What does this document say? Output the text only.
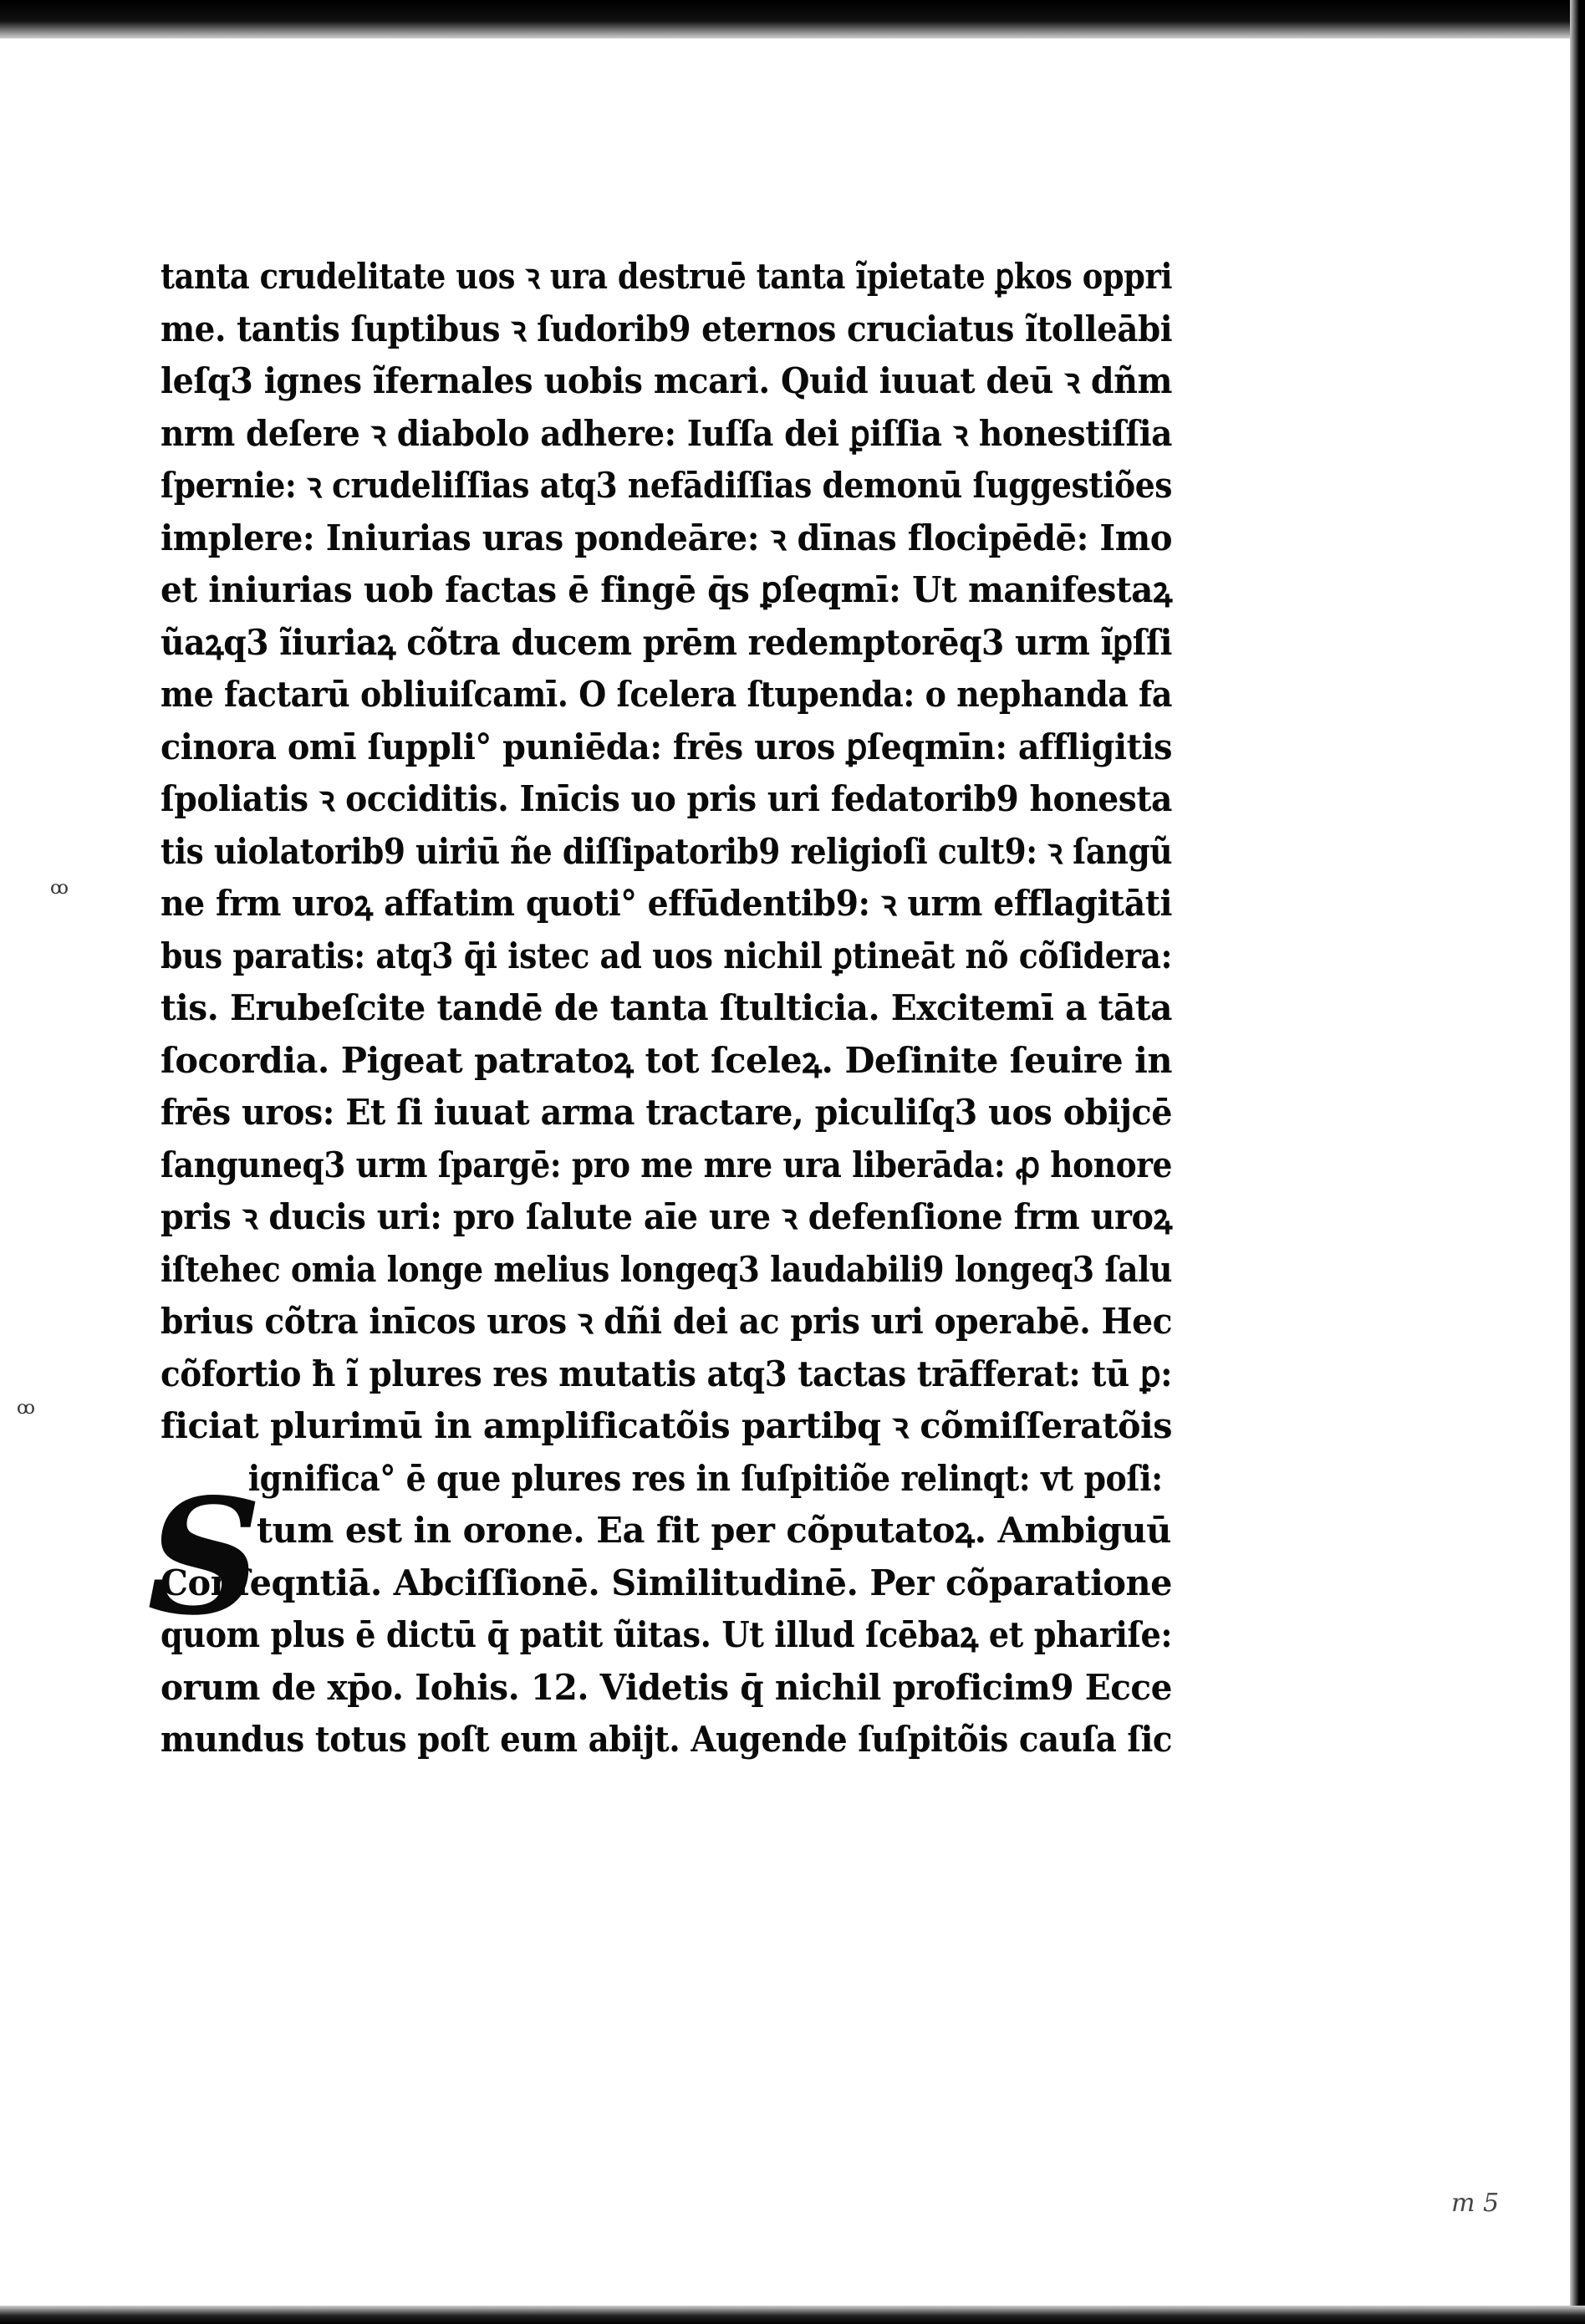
S
tanta crudelitate uos ꝛ ura destruē tanta ĩpietate ꝑkos oppri
me. tantis ſuptibus ꝛ ſudorib9 eternos cruciatus ĩtolleābi
leſq3 ignes ĩfernales uobis mcari. Quid iuuat deū ꝛ dñm
nrm deſere ꝛ diabolo adhere: Iuſſa dei ꝑiſſia ꝛ honestiſſia
ſpernie: ꝛ crudeliſſias atq3 nefādiſſias demonū ſuggestiões
implere: Iniurias uras pondeāre: ꝛ dīnas flocipēdē: Imo
et iniurias uob factas ē fingē q̄s ꝑſeqmī: Ut manifestaꝝ
ũaꝝq3 ĩiuriaꝝ cõtra ducem prēm redemptorēq3 urm ĩꝑſſi
me factarū obliuiſcamī. O ſcelera ſtupenda: o nephanda fa
cinora omī ſuppli° puniēda: frēs uros ꝑſeqmīn: affligitis
ſpoliatis ꝛ occiditis. Inīcis uo pris uri fedatorib9 honesta
tis uiolatorib9 uiriū ñe diſſipatorib9 religioſi cult9: ꝛ ſangũ
ne frm uroꝝ affatim quoti° effūdentib9: ꝛ urm efflagitāti
bus paratis: atq3 q̄i istec ad uos nichil ꝑtineāt nõ cõſidera:
tis. Erubeſcite tandē de tanta ſtulticia. Excitemī a tāta
ſocordia. Pigeat patratoꝝ tot ſceleꝝ. Deſinite ſeuire in
frēs uros: Et ſi iuuat arma tractare, piculiſq3 uos obijcē
ſanguneq3 urm ſpargē: pro me mre ura liberāda: ꝓ honore
pris ꝛ ducis uri: pro ſalute aīe ure ꝛ defenſione frm uroꝝ
iſtehec omia longe melius longeq3 laudabili9 longeq3 ſalu
brius cõtra inīcos uros ꝛ dñi dei ac pris uri operabē. Hec
cõfortio ħ ĩ plures res mutatis atq3 tactas trāfferat: tū ꝑ:
ficiat plurimū in amplificatõis partibq ꝛ cõmiſſeratõis
ignifica° ē que plures res in ſuſpitiõe relinqt: vt poſi:
tum est in orone. Ea fit per cõputatoꝝ. Ambiguū
Conſeqntiā. Abciſſionē. Similitudinē. Per cõparatione
quom plus ē dictū q̄ patit ũitas. Ut illud ſcēbaꝝ et phariſe:
orum de xp̄o. Iohis. 12. Videtis q̄ nichil proficim9 Ecce
mundus totus poſt eum abijt. Augende ſuſpitõis cauſa ſic
ꝏ
ꝏ
m 5
